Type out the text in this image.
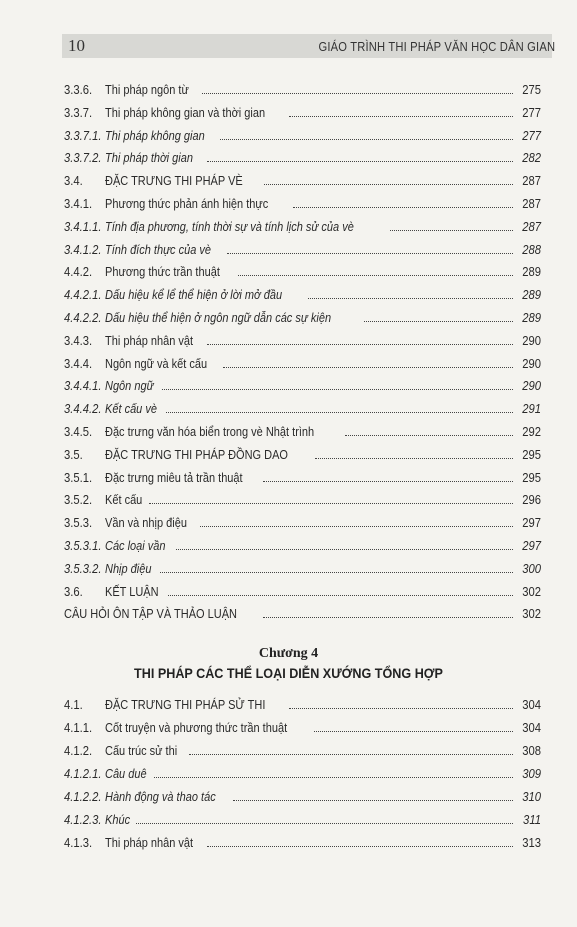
10	GIÁO TRÌNH THI PHÁP VĂN HỌC DÂN GIAN
3.3.6.	Thi pháp ngôn từ	275
3.3.7.	Thi pháp không gian và thời gian	277
3.3.7.1. Thi pháp không gian	277
3.3.7.2. Thi pháp thời gian	282
3.4.	ĐẶC TRƯNG THI PHÁP VÈ	287
3.4.1.	Phương thức phản ánh hiện thực	287
3.4.1.1. Tính địa phương, tính thời sự và tính lịch sử của vè	287
3.4.1.2. Tính đích thực của vè	288
4.4.2.	Phương thức trần thuật	289
4.4.2.1. Dấu hiệu kể lể thể hiện ở lời mở đầu	289
4.4.2.2. Dấu hiệu thể hiện ở ngôn ngữ dẫn các sự kiện	289
3.4.3.	Thi pháp nhân vật	290
3.4.4.	Ngôn ngữ và kết cấu	290
3.4.4.1. Ngôn ngữ	290
3.4.4.2. Kết cấu vè	291
3.4.5.	Đặc trưng văn hóa biển trong vè Nhật trình	292
3.5.	ĐẶC TRƯNG THI PHÁP ĐỒNG DAO	295
3.5.1.	Đặc trưng miêu tả trần thuật	295
3.5.2.	Kết cấu	296
3.5.3.	Vần và nhịp điệu	297
3.5.3.1. Các loại vần	297
3.5.3.2. Nhịp điệu	300
3.6.	KẾT LUẬN	302
CÂU HỎI ÔN TẬP VÀ THẢO LUẬN	302
Chương 4
THI PHÁP CÁC THỂ LOẠI DIỄN XƯỚNG TỔNG HỢP
4.1.	ĐẶC TRƯNG THI PHÁP SỬ THI	304
4.1.1.	Cốt truyện và phương thức trần thuật	304
4.1.2.	Cấu trúc sử thi	308
4.1.2.1. Câu duê	309
4.1.2.2. Hành động và thao tác	310
4.1.2.3. Khúc	311
4.1.3.	Thi pháp nhân vật	313
